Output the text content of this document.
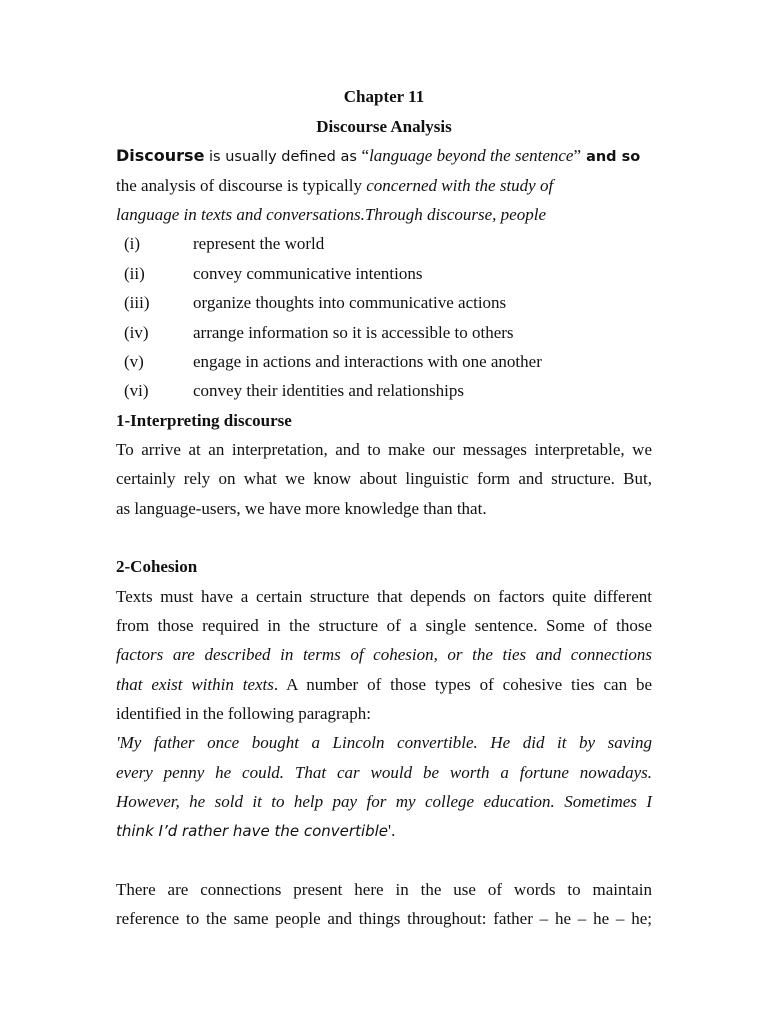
Chapter 11
Discourse Analysis
Discourse is usually defined as “language beyond the sentence” and so
the analysis of discourse is typically concerned with the study of
language in texts and conversations.Through discourse, people
(i)	represent the world
(ii)	convey communicative intentions
(iii)	organize thoughts into communicative actions
(iv)	arrange information so it is accessible to others
(v)	engage in actions and interactions with one another
(vi)	convey their identities and relationships
1-Interpreting discourse
To arrive at an interpretation, and to make our messages interpretable, we
certainly rely on what we know about linguistic form and structure. But,
as language-users, we have more knowledge than that.
2-Cohesion
Texts must have a certain structure that depends on factors quite different
from those required in the structure of a single sentence. Some of those
factors are described in terms of cohesion, or the ties and connections
that exist within texts. A number of those types of cohesive ties can be
identified in the following paragraph:
'My father once bought a Lincoln convertible. He did it by saving
every penny he could. That car would be worth a fortune nowadays.
However, he sold it to help pay for my college education. Sometimes I
think I’d rather have the convertible'.
There are connections present here in the use of words to maintain
reference to the same people and things throughout: father – he – he – he;
